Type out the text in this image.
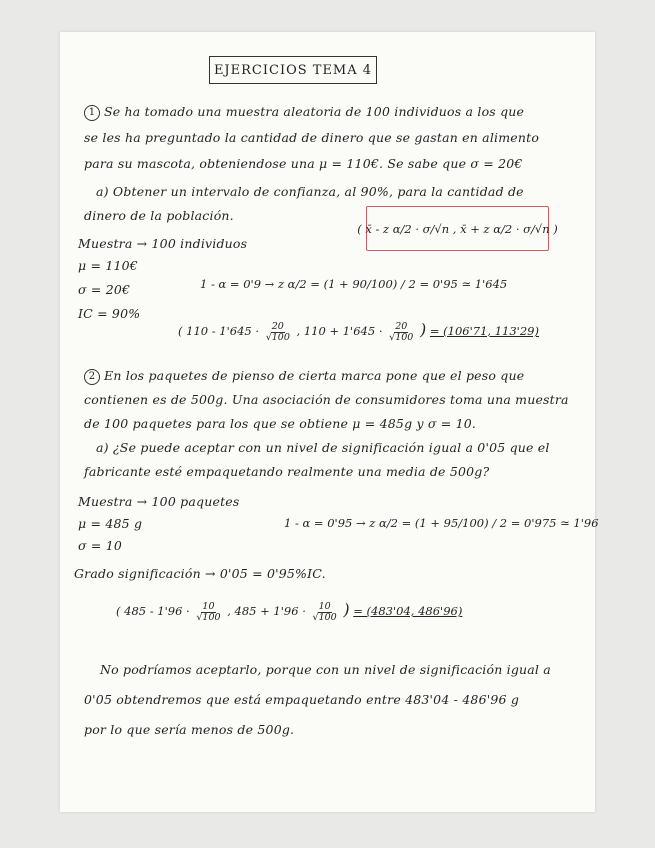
EJERCICIOS TEMA 4
1 Se ha tomado una muestra aleatoria de 100 individuos a los que
se les ha preguntado la cantidad de dinero que se gastan en alimento
para su mascota, obteniendose una μ = 110€. Se sabe que σ = 20€
a) Obtener un intervalo de confianza, al 90%, para la cantidad de
dinero de la población.
( x̄ - z α/2 · σ/√n , x̄ + z α/2 · σ/√n )
Muestra → 100 individuos
μ = 110€
σ = 20€
IC = 90%
1 - α = 0'9 → z α/2 = (1 + 90/100) / 2 = 0'95 ≃ 1'645
( $110 - 1'645 \cdot \frac{20}{√100}$ , $110 + 1'645 \cdot \frac{20}{√100}$ ) = (106'71, 113'29)
2 En los paquetes de pienso de cierta marca pone que el peso que
contienen es de 500g. Una asociación de consumidores toma una muestra
de 100 paquetes para los que se obtiene μ = 485g y σ = 10.
a) ¿Se puede aceptar con un nivel de significación igual a 0'05 que el
fabricante esté empaquetando realmente una media de 500g?
Muestra → 100 paquetes
μ = 485 g
σ = 10
1 - α = 0'95 → z α/2 = (1 + 95/100) / 2 = 0'975 ≃ 1'96
Grado significación → 0'05 = 0'95%IC.
( $485 - 1'96 \cdot \frac{10}{√100}$ , $485 + 1'96 \cdot \frac{10}{√100}$ ) = (483'04, 486'96)
No podríamos aceptarlo, porque con un nivel de significación igual a
0'05 obtendremos que está empaquetando entre 483'04 - 486'96 g
por lo que sería menos de 500g.
